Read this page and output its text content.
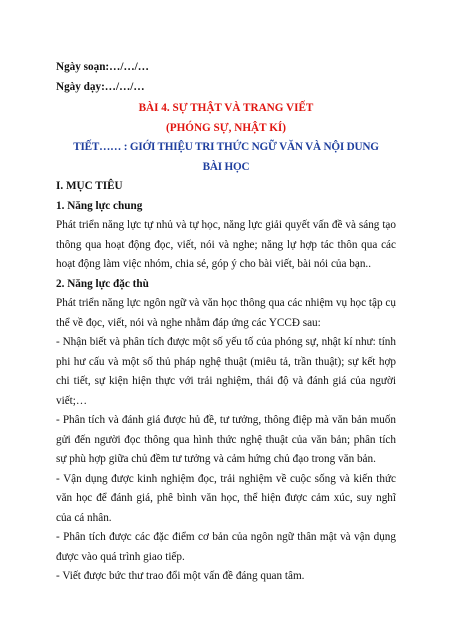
Ngày soạn:…/…/…

Ngày dạy:…/…/…

BÀI 4. SỰ THẬT VÀ TRANG VIẾT

(PHÓNG SỰ, NHẬT KÍ)

TIẾT…… : GIỚI THIỆU TRI THỨC NGỮ VĂN VÀ NỘI DUNG

BÀI HỌC

I. MỤC TIÊU

1. Năng lực chung

Phát triển năng lực tự nhủ và tự học, năng lực giải quyết vấn đề và sáng tạo thông qua hoạt động đọc, viết, nói và nghe; năng lự hợp tác thôn qua các hoạt động làm việc nhóm, chia sẻ, góp ý cho bài viết, bài nói của bạn..

2. Năng lực đặc thù

Phát triển năng lực ngôn ngữ và văn học thông qua các nhiệm vụ học tập cụ thể về đọc, viết, nói và nghe nhằm đáp ứng các YCCĐ sau:

- Nhận biết và phân tích được một số yếu tố của phóng sự, nhật kí như: tính phi hư cấu và một số thủ pháp nghệ thuật (miêu tả, trần thuật); sự kết hợp chi tiết, sự kiện hiện thực với trải nghiệm, thái độ và đánh giá của người viết;…

- Phân tích và đánh giá được hủ đề, tư tưởng, thông điệp mà văn bản muốn gửi đến người đọc thông qua hình thức nghệ thuật của văn bản; phân tích sự phù hợp giữa chủ đềm tư tưởng và cảm hứng chủ đạo trong văn bản.

- Vận dụng được kinh nghiệm đọc, trải nghiệm về cuộc sống và kiến thức văn học để đánh giá, phê bình văn học, thể hiện được cảm xúc, suy nghĩ của cá nhân.

- Phân tích được các đặc điểm cơ bản của ngôn ngữ thân mật và vận dụng được vào quá trình giao tiếp.

- Viết được bức thư trao đổi một vấn đề đáng quan tâm.
